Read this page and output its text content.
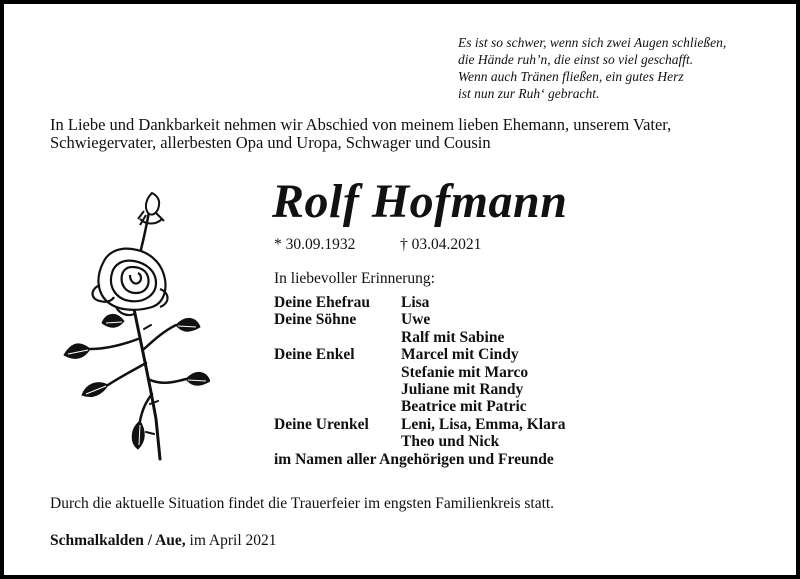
Es ist so schwer, wenn sich zwei Augen schließen,
die Hände ruh’n, die einst so viel geschafft.
Wenn auch Tränen fließen, ein gutes Herz
ist nun zur Ruh‘ gebracht.
In Liebe und Dankbarkeit nehmen wir Abschied von meinem lieben Ehemann, unserem Vater,
Schwiegervater, allerbesten Opa und Uropa, Schwager und Cousin
Rolf Hofmann
* 30.09.1932	† 03.04.2021
In liebevoller Erinnerung:
Deine Ehefrau Lisa
Deine Söhne	Uwe
Ralf mit Sabine
Deine Enkel	Marcel mit Cindy
Stefanie mit Marco
Juliane mit Randy
Beatrice mit Patric
Deine Urenkel Leni, Lisa, Emma, Klara
Theo und Nick
im Namen aller Angehörigen und Freunde
Durch die aktuelle Situation findet die Trauerfeier im engsten Familienkreis statt.
Schmalkalden / Aue, im April 2021
